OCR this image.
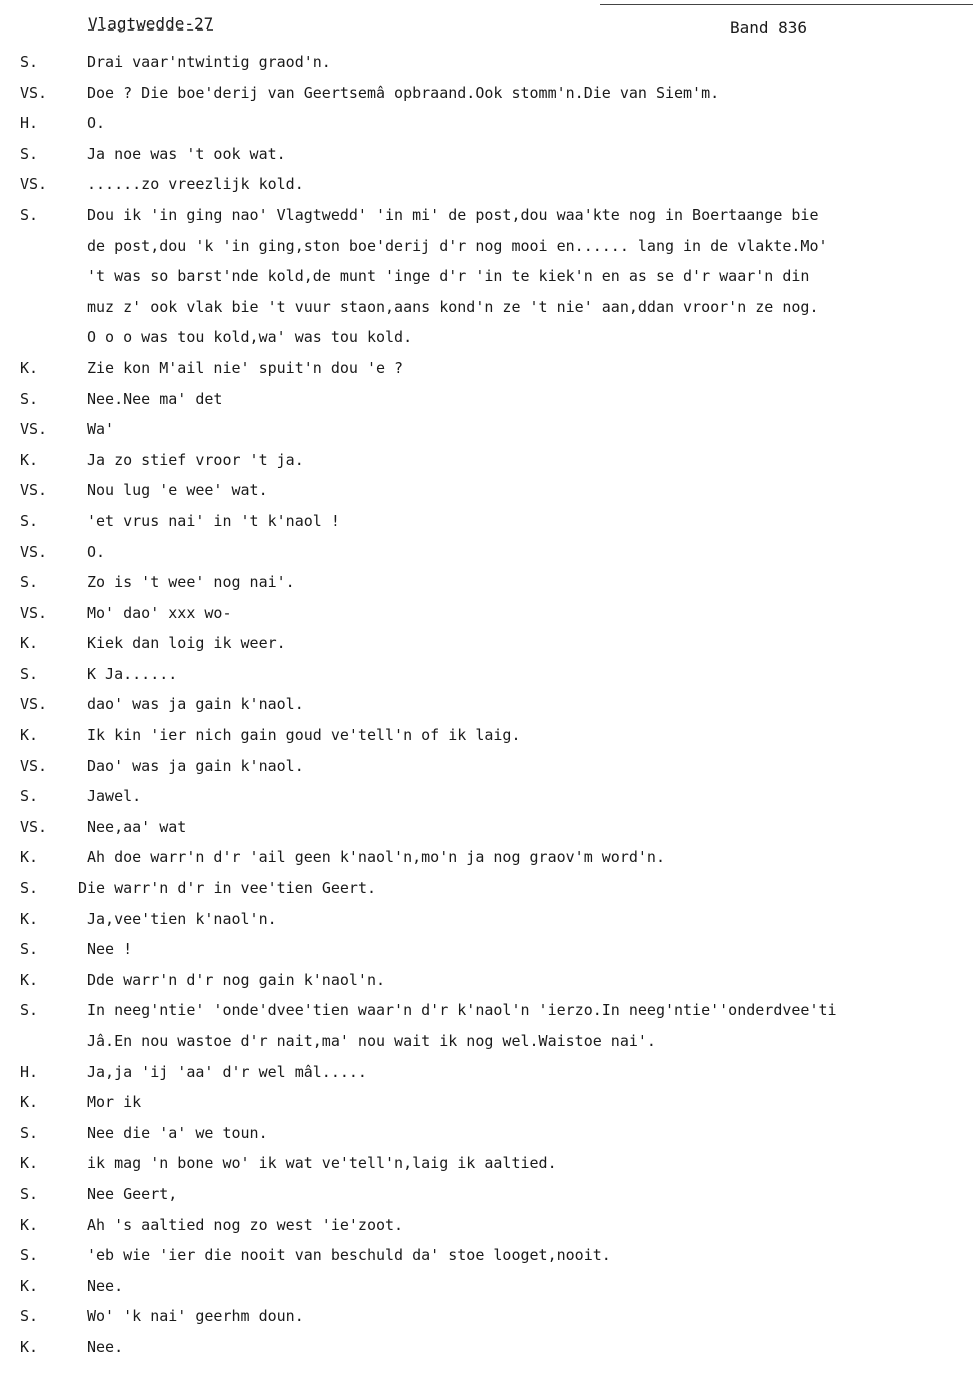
Vlagtwedde-27	Band 836
S.	Drai vaar'ntwintig graod'n.
VS.	Doe ? Die boe'derij van Geertsemâ opbraand.Ook stomm'n.Die van Siem'm.
H.	O.
S.	Ja noe was 't ook wat.
VS.	......zo vreezlijk kold.
S.	Dou ik 'in ging nao' Vlagtwedd' 'in mi' de post,dou waa'kte nog in Boertaange bie
de post,dou 'k 'in ging,ston boe'derij d'r nog mooi en...... lang in de vlakte.Mo'
't was so barst'nde kold,de munt 'inge d'r 'in te kiek'n en as se d'r waar'n din
muz z' ook vlak bie 't vuur staon,aans kond'n ze 't nie' aan,ddan vroor'n ze nog.
O o o was tou kold,wa' was tou kold.
K.	Zie kon M'ail nie' spuit'n dou 'e ?
S.	Nee.Nee ma' det
VS.	Wa'
K.	Ja zo stief vroor 't ja.
VS.	Nou lug 'e wee' wat.
S.	'et vrus nai' in 't k'naol !
VS.	O.
S.	Zo is 't wee' nog nai'.
VS.	Mo' dao' xxx wo-
K.	Kiek dan loig ik weer.
S.	K Ja......
VS.	dao' was ja gain k'naol.
K.	Ik kin 'ier nich gain goud ve'tell'n of ik laig.
VS.	Dao' was ja gain k'naol.
S.	Jawel.
VS.	Nee,aa' wat
K.	Ah doe warr'n d'r 'ail geen k'naol'n,mo'n ja nog graov'm word'n.
S.	Die warr'n d'r in vee'tien Geert.
K.	Ja,vee'tien k'naol'n.
S.	Nee !
K.	Dde warr'n d'r nog gain k'naol'n.
S.	In neeg'ntie' 'onde'dvee'tien waar'n d'r k'naol'n 'ierzo.In neeg'ntie''onderdvee'ti
Jâ.En nou wastoe d'r nait,ma' nou wait ik nog wel.Waistoe nai'.
H.	Ja,ja 'ij 'aa' d'r wel mâl.....
K.	Mor ik
S.	Nee die 'a' we toun.
K.	ik mag 'n bone wo' ik wat ve'tell'n,laig ik aaltied.
S.	Nee Geert,
K.	Ah 's aaltied nog zo west 'ie'zoot.
S.	'eb wie 'ier die nooit van beschuld da' stoe looget,nooit.
K.	Nee.
S.	Wo' 'k nai' geerhm doun.
K.	Nee.
